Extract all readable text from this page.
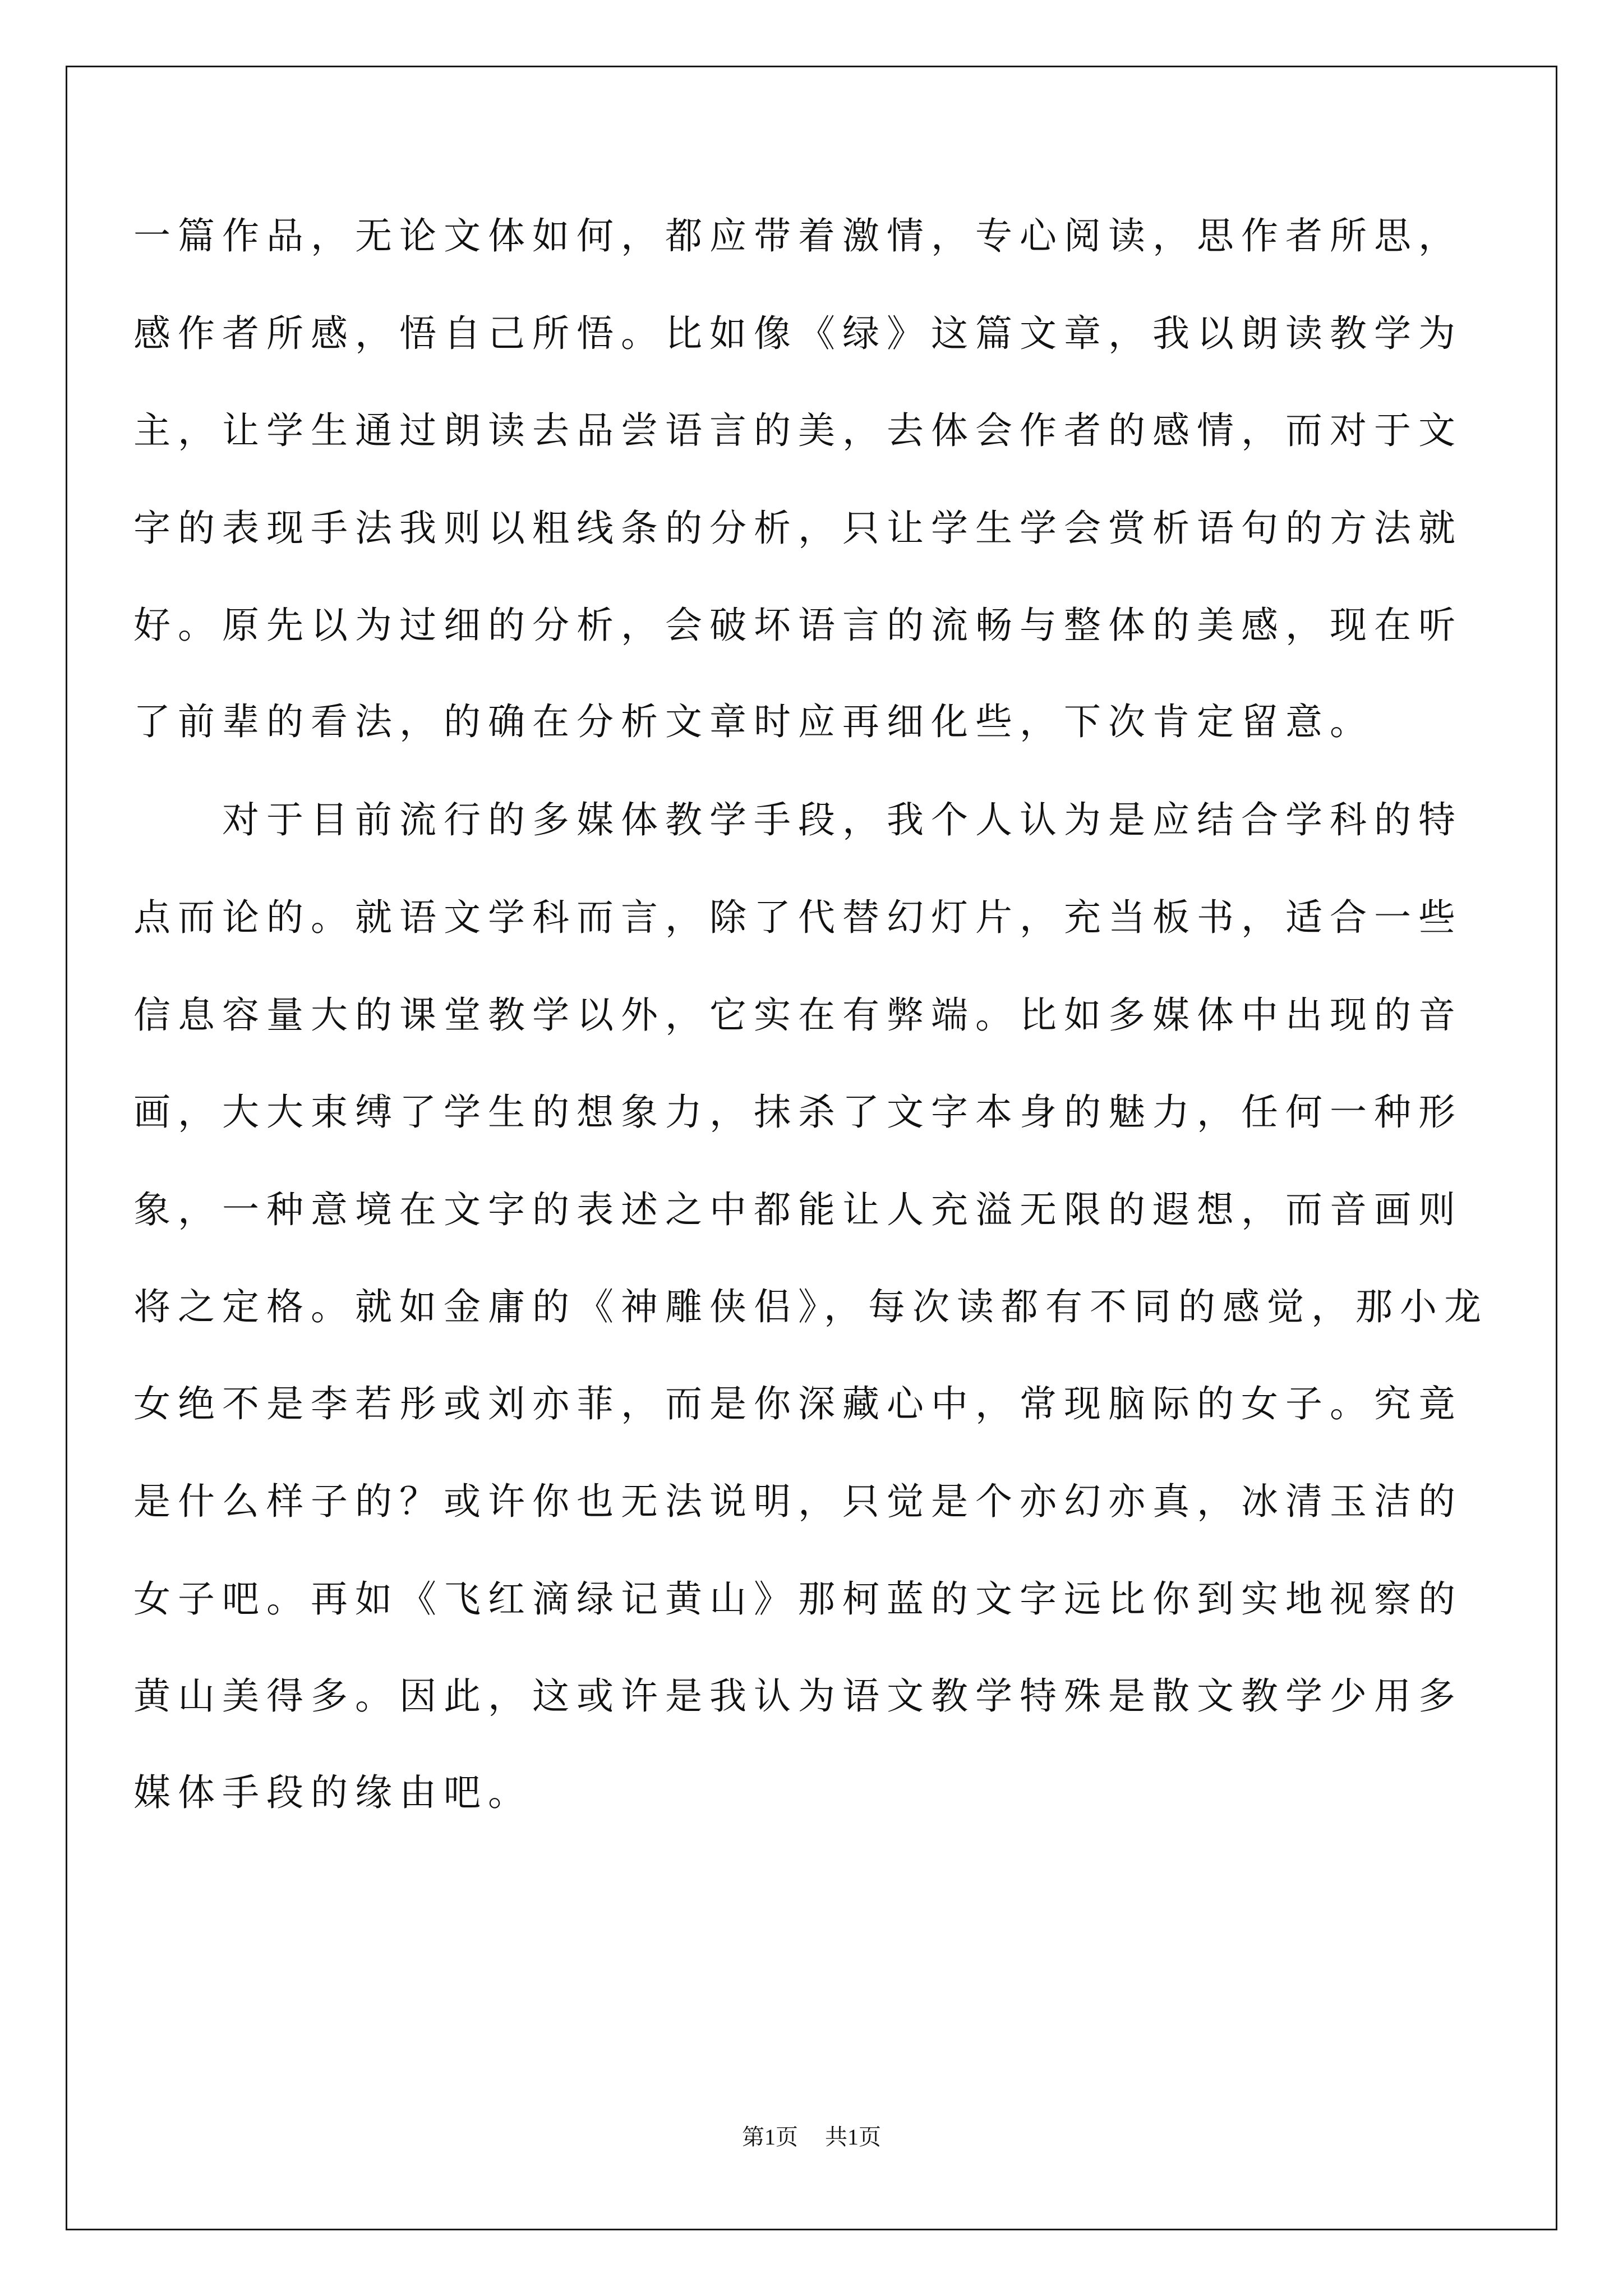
一篇作品，无论文体如何，都应带着激情，专心阅读，思作者所思，
感作者所感，悟自己所悟。比如像《绿》这篇文章，我以朗读教学为
主，让学生通过朗读去品尝语言的美，去体会作者的感情，而对于文
字的表现手法我则以粗线条的分析，只让学生学会赏析语句的方法就
好。原先以为过细的分析，会破坏语言的流畅与整体的美感，现在听
了前辈的看法，的确在分析文章时应再细化些，下次肯定留意。
　　对于目前流行的多媒体教学手段，我个人认为是应结合学科的特
点而论的。就语文学科而言，除了代替幻灯片，充当板书，适合一些
信息容量大的课堂教学以外，它实在有弊端。比如多媒体中出现的音
画，大大束缚了学生的想象力，抹杀了文字本身的魅力，任何一种形
象，一种意境在文字的表述之中都能让人充溢无限的遐想，而音画则
将之定格。就如金庸的《神雕侠侣》，每次读都有不同的感觉，那小龙
女绝不是李若彤或刘亦菲，而是你深藏心中，常现脑际的女子。究竟
是什么样子的？或许你也无法说明，只觉是个亦幻亦真，冰清玉洁的
女子吧。再如《飞红滴绿记黄山》那柯蓝的文字远比你到实地视察的
黄山美得多。因此，这或许是我认为语文教学特殊是散文教学少用多
媒体手段的缘由吧。
第1页 共1页
